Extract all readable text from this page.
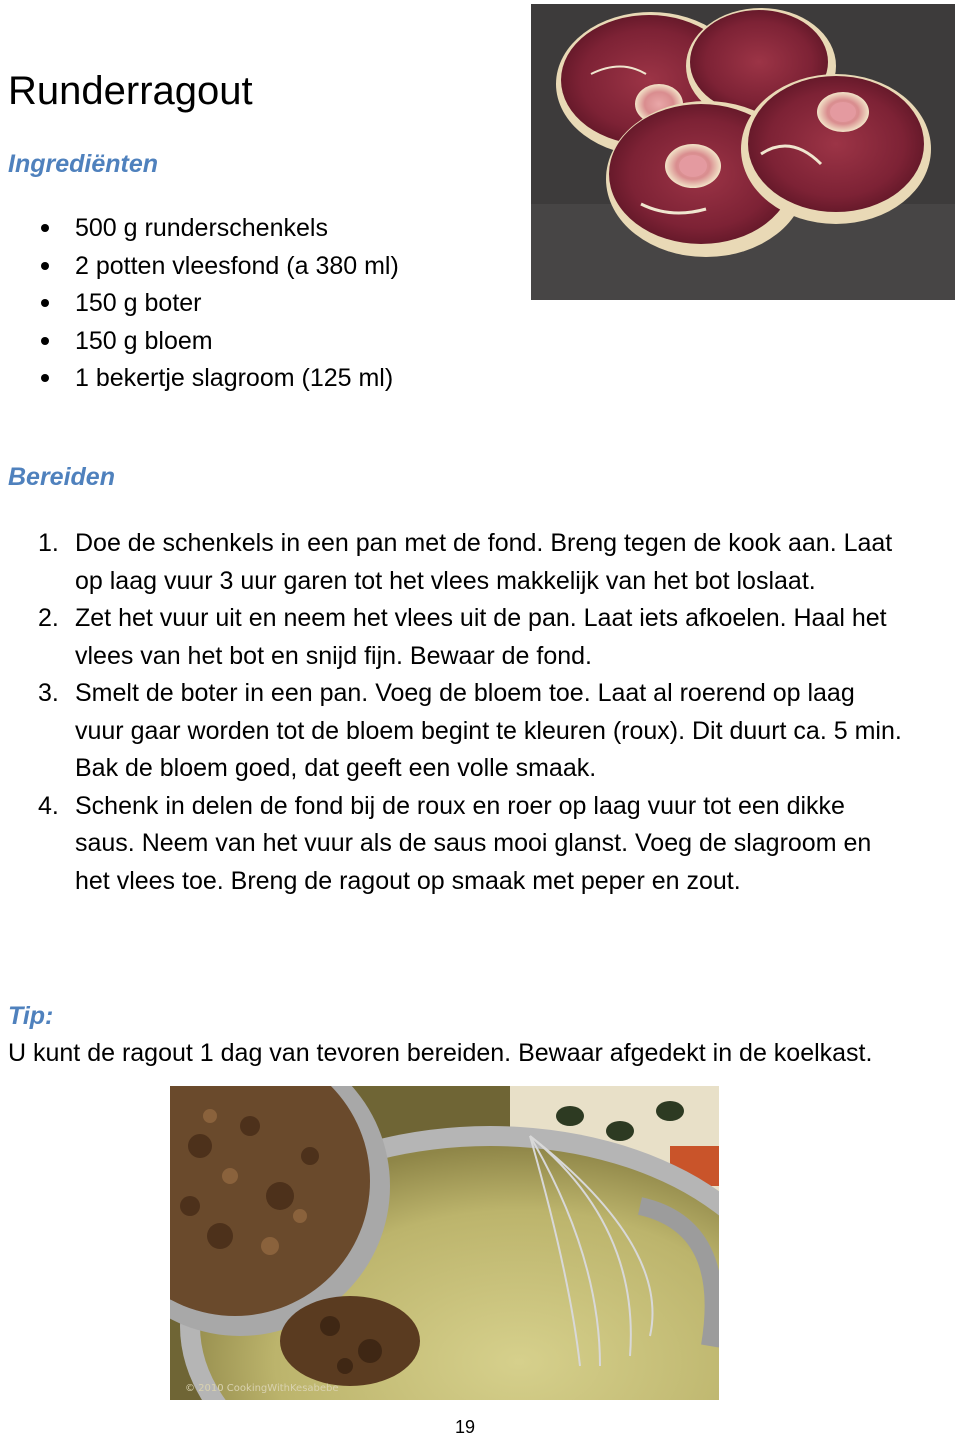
Runderragout
Ingrediënten
500 g runderschenkels
2 potten vleesfond (a 380 ml)
150 g boter
150 g bloem
1 bekertje slagroom (125 ml)
Bereiden
1. Doe de schenkels in een pan met de fond. Breng tegen de kook aan. Laat op laag vuur 3 uur garen tot het vlees makkelijk van het bot loslaat.
2. Zet het vuur uit en neem het vlees uit de pan. Laat iets afkoelen. Haal het vlees van het bot en snijd fijn. Bewaar de fond.
3. Smelt de boter in een pan. Voeg de bloem toe. Laat al roerend op laag vuur gaar worden tot de bloem begint te kleuren (roux). Dit duurt ca. 5 min. Bak de bloem goed, dat geeft een volle smaak.
4. Schenk in delen de fond bij de roux en roer op laag vuur tot een dikke saus. Neem van het vuur als de saus mooi glanst. Voeg de slagroom en het vlees toe. Breng de ragout op smaak met peper en zout.
Tip:

U kunt de ragout 1 dag van tevoren bereiden. Bewaar afgedekt in de koelkast.

© 2010 CookingWithKesabebe
19
